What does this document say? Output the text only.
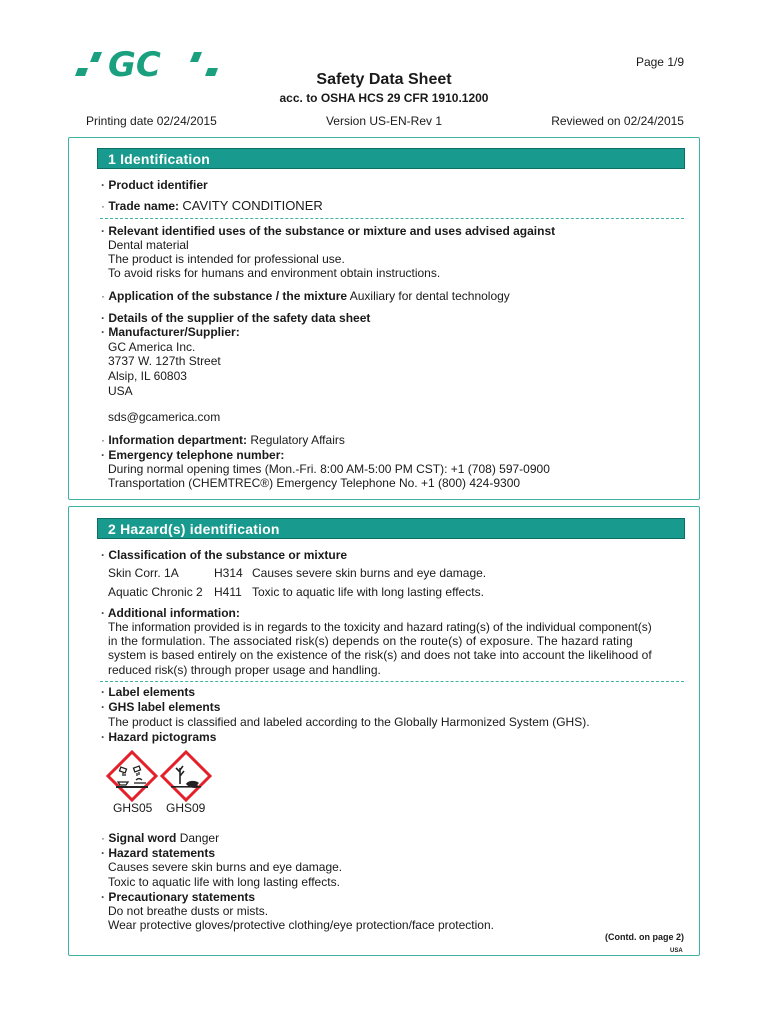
GC	Page 1/9
Safety Data Sheet
acc. to OSHA HCS 29 CFR 1910.1200
Printing date 02/24/2015	Version US-EN-Rev 1	Reviewed on 02/24/2015
1 Identification
· Product identifier
· Trade name: CAVITY CONDITIONER
· Relevant identified uses of the substance or mixture and uses advised against
Dental material
The product is intended for professional use.
To avoid risks for humans and environment obtain instructions.
· Application of the substance / the mixture Auxiliary for dental technology
· Details of the supplier of the safety data sheet
· Manufacturer/Supplier:
GC America Inc.
3737 W. 127th Street
Alsip, IL 60803
USA
sds@gcamerica.com
· Information department: Regulatory Affairs
· Emergency telephone number:
During normal opening times (Mon.-Fri. 8:00 AM-5:00 PM CST): +1 (708) 597-0900
Transportation (CHEMTREC®) Emergency Telephone No. +1 (800) 424-9300
2 Hazard(s) identification
· Classification of the substance or mixture
Skin Corr. 1A	H314 Causes severe skin burns and eye damage.
Aquatic Chronic 2 H411 Toxic to aquatic life with long lasting effects.
· Additional information:
The information provided is in regards to the toxicity and hazard rating(s) of the individual component(s)
in the formulation. The associated risk(s) depends on the route(s) of exposure. The hazard rating
system is based entirely on the existence of the risk(s) and does not take into account the likelihood of
reduced risk(s) through proper usage and handling.
· Label elements
· GHS label elements
The product is classified and labeled according to the Globally Harmonized System (GHS).
· Hazard pictograms
GHS05 GHS09
· Signal word Danger
· Hazard statements
Causes severe skin burns and eye damage.
Toxic to aquatic life with long lasting effects.
· Precautionary statements
Do not breathe dusts or mists.
Wear protective gloves/protective clothing/eye protection/face protection.
(Contd. on page 2)
USA
